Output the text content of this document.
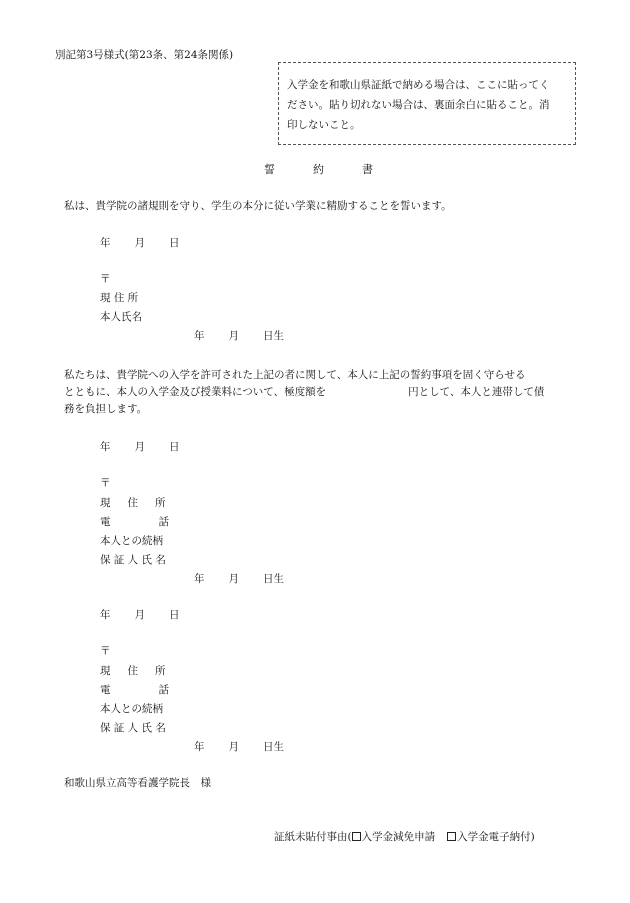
別記第3号様式(第23条、第24条関係)
入学金を和歌山県証紙で納める場合は、ここに貼ってく
ださい。貼り切れない場合は、裏面余白に貼ること。消
印しないこと。
誓	約	書
私は、貴学院の諸規則を守り、学生の本分に従い学業に精励することを誓います。
年 月 日
〒
現 住 所
本人氏名
年 月 日生
私たちは、貴学院への入学を許可された上記の者に関して、本人に上記の誓約事項を固く守らせる
とともに、本人の入学金及び授業料について、極度額を	円として、本人と連帯して債
務を負担します。
年 月 日
〒
現 住 所
電	話
本人との続柄
保 証 人 氏 名
年 月 日生
年 月 日
〒
現 住 所
電	話
本人との続柄
保 証 人 氏 名
年 月 日生
和歌山県立高等看護学院長　様
証紙未貼付事由( 入学金減免申請 入学金電子納付)
